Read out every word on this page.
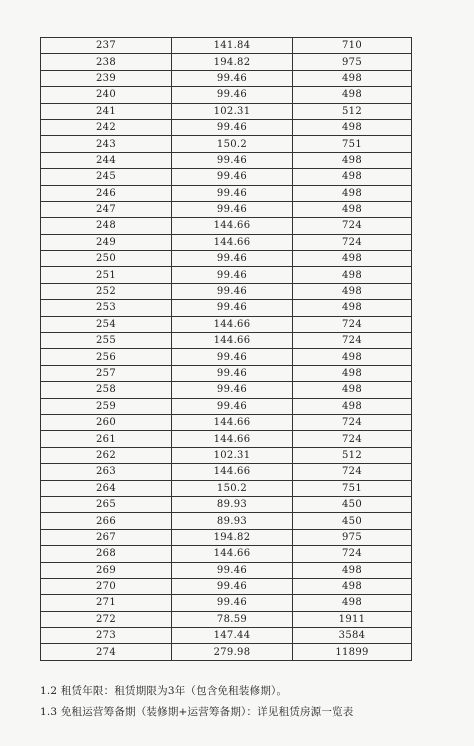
237	141.84	710
238	194.82	975
239	99.46	498
240	99.46	498
241	102.31	512
242	99.46	498
243	150.2	751
244	99.46	498
245	99.46	498
246	99.46	498
247	99.46	498
248	144.66	724
249	144.66	724
250	99.46	498
251	99.46	498
252	99.46	498
253	99.46	498
254	144.66	724
255	144.66	724
256	99.46	498
257	99.46	498
258	99.46	498
259	99.46	498
260	144.66	724
261	144.66	724
262	102.31	512
263	144.66	724
264	150.2	751
265	89.93	450
266	89.93	450
267	194.82	975
268	144.66	724
269	99.46	498
270	99.46	498
271	99.46	498
272	78.59	1911
273	147.44	3584
274	279.98	11899
1.2 租赁年限：租赁期限为3年（包含免租装修期）。
1.3 免租运营筹备期（装修期+运营筹备期）：详见租赁房源一览表
